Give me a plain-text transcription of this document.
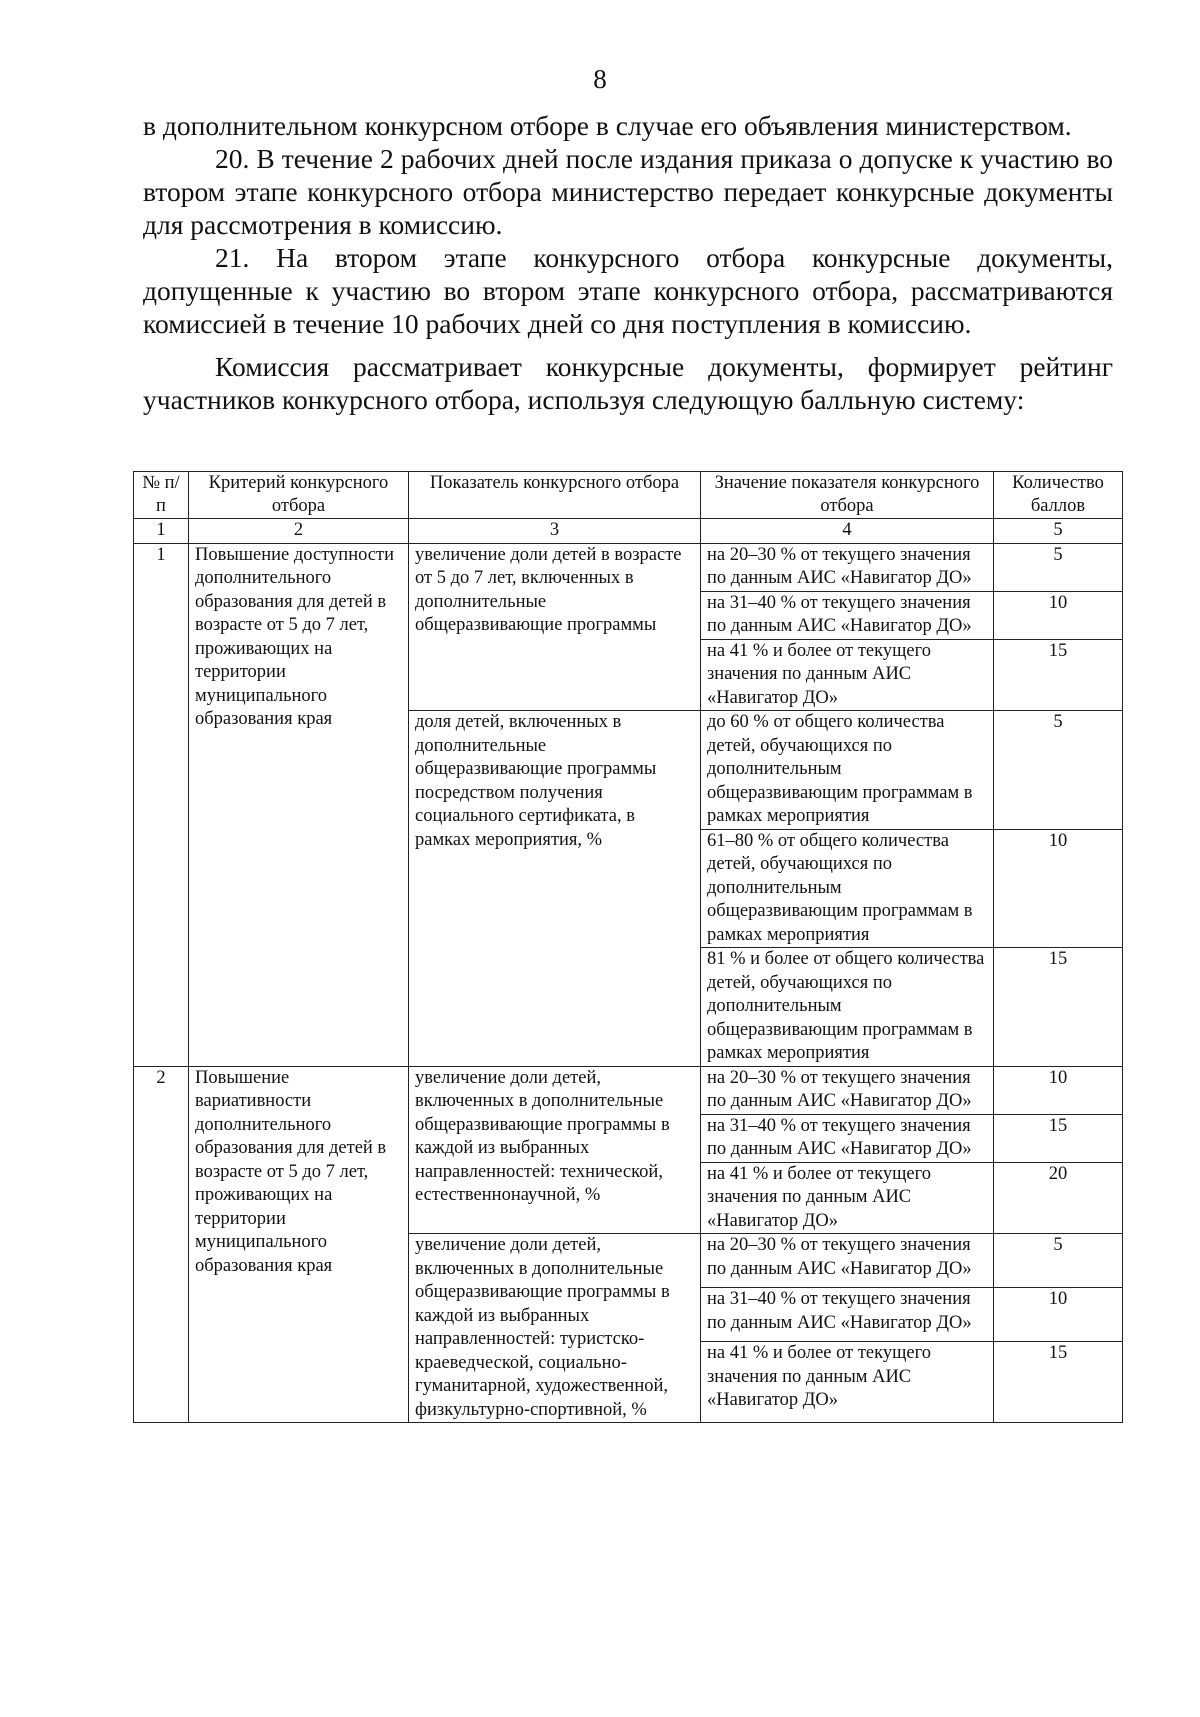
8

в дополнительном конкурсном отборе в случае его объявления министерством.

20. В течение 2 рабочих дней после издания приказа о допуске к участию во втором этапе конкурсного отбора министерство передает конкурсные документы для рассмотрения в комиссию.

21. На втором этапе конкурсного отбора конкурсные документы, допущенные к участию во втором этапе конкурсного отбора, рассматриваются комиссией в течение 10 рабочих дней со дня поступления в комиссию.

Комиссия рассматривает конкурсные документы, формирует рейтинг участников конкурсного отбора, используя следующую балльную систему:

№ п/п	Критерий конкурсного отбора	Показатель конкурсного отбора	Значение показателя конкурсного отбора	Количество баллов
1	2	3	4	5
1	Повышение доступности дополнительного образования для детей в возрасте от 5 до 7 лет, проживающих на территории муниципального образования края	увеличение доли детей в возрасте от 5 до 7 лет, включенных в дополнительные общеразвивающие программы	на 20–30 % от текущего значения по данным АИС «Навигатор ДО»	5
			на 31–40 % от текущего значения по данным АИС «Навигатор ДО»	10
			на 41 % и более от текущего значения по данным АИС «Навигатор ДО»	15
		доля детей, включенных в дополнительные общеразвивающие программы посредством получения социального сертификата, в рамках мероприятия, %	до 60 % от общего количества детей, обучающихся по дополнительным общеразвивающим программам в рамках мероприятия	5
			61–80 % от общего количества детей, обучающихся по дополнительным общеразвивающим программам в рамках мероприятия	10
			81 % и более от общего количества детей, обучающихся по дополнительным общеразвивающим программам в рамках мероприятия	15
2	Повышение вариативности дополнительного образования для детей в возрасте от 5 до 7 лет, проживающих на территории муниципального образования края	увеличение доли детей, включенных в дополнительные общеразвивающие программы в каждой из выбранных направленностей: технической, естественнонаучной, %	на 20–30 % от текущего значения по данным АИС «Навигатор ДО»	10
			на 31–40 % от текущего значения по данным АИС «Навигатор ДО»	15
			на 41 % и более от текущего значения по данным АИС «Навигатор ДО»	20
		увеличение доли детей, включенных в дополнительные общеразвивающие программы в каждой из выбранных направленностей: туристско-краеведческой, социально-гуманитарной, художественной, физкультурно-спортивной, %	на 20–30 % от текущего значения по данным АИС «Навигатор ДО»	5
			на 31–40 % от текущего значения по данным АИС «Навигатор ДО»	10
			на 41 % и более от текущего значения по данным АИС «Навигатор ДО»	15
